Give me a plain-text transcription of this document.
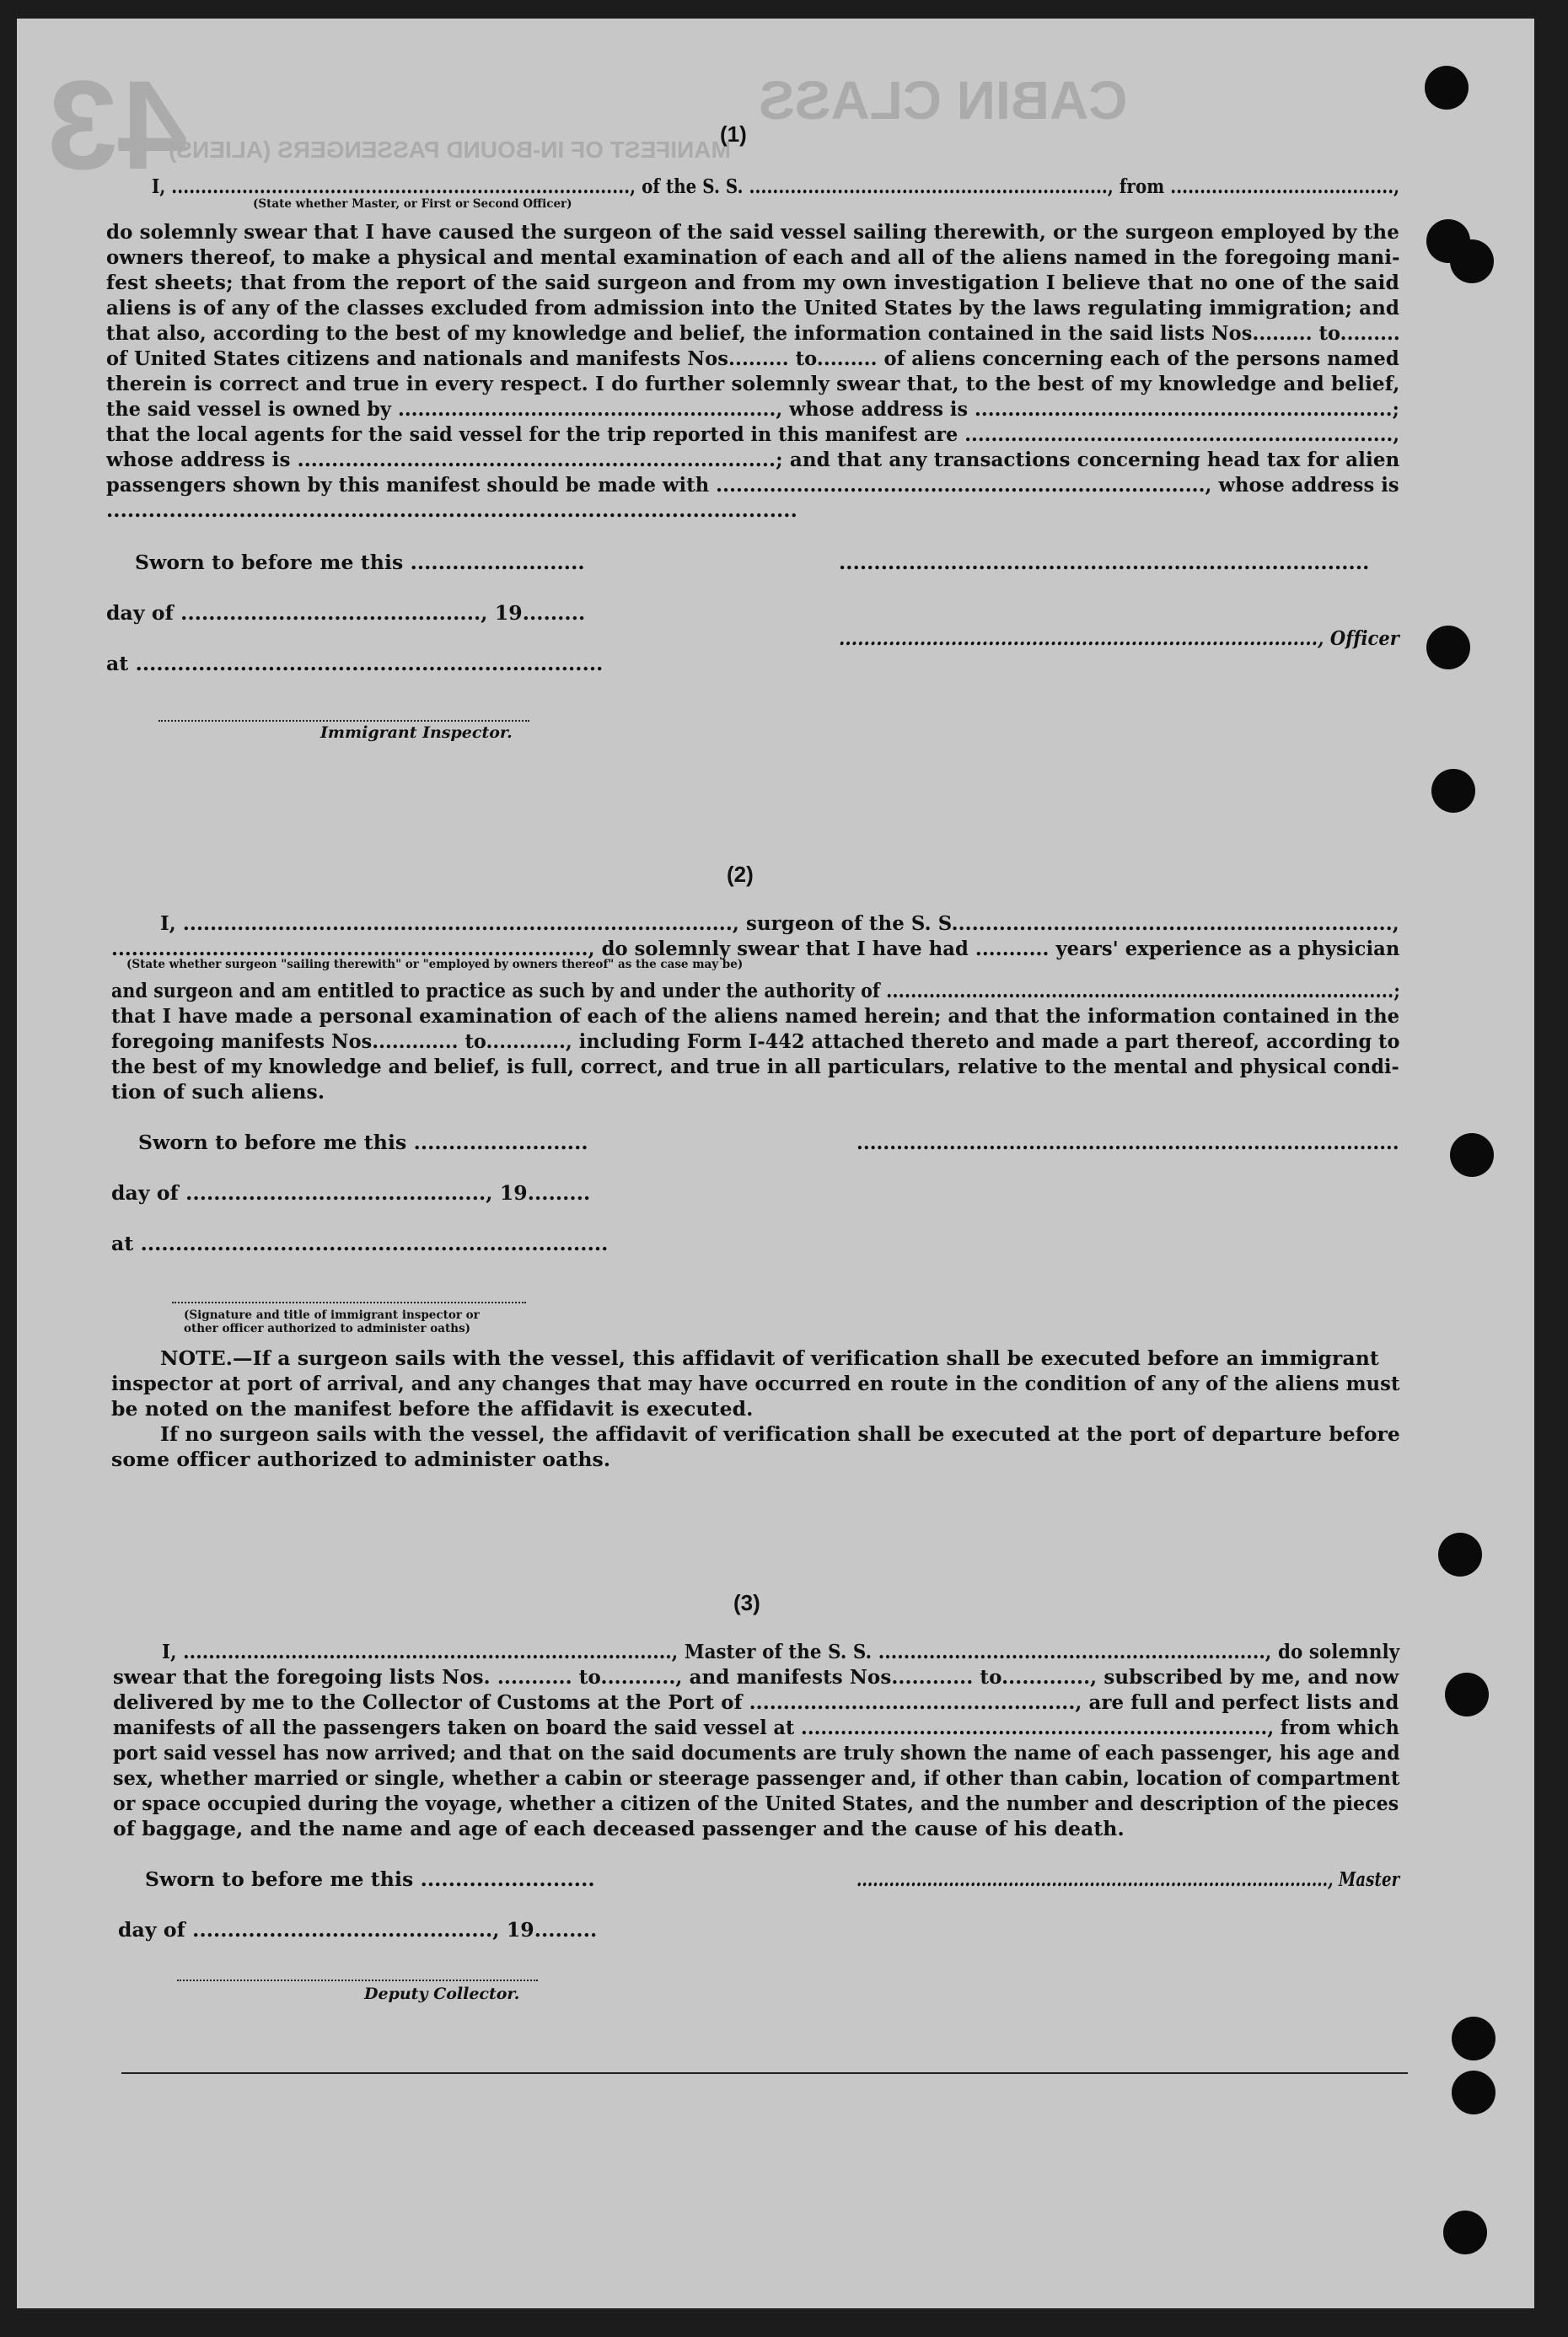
43	CABIN CLASS
MANIFEST OF IN-BOUND PASSENGERS (ALIENS)
(1)
I, .............................................................................., of the S. S. ............................................................., from ......................................,
(State whether Master, or First or Second Officer)
do solemnly swear that I have caused the surgeon of the said vessel sailing therewith, or the surgeon employed by the
owners thereof, to make a physical and mental examination of each and all of the aliens named in the foregoing mani-
fest sheets; that from the report of the said surgeon and from my own investigation I believe that no one of the said
aliens is of any of the classes excluded from admission into the United States by the laws regulating immigration; and
that also, according to the best of my knowledge and belief, the information contained in the said lists Nos......... to.........
of United States citizens and nationals and manifests Nos......... to......... of aliens concerning each of the persons named
therein is correct and true in every respect. I do further solemnly swear that, to the best of my knowledge and belief,
the said vessel is owned by ........................................................., whose address is ...............................................................;
that the local agents for the said vessel for the trip reported in this manifest are .................................................................,
whose address is ......................................................................; and that any transactions concerning head tax for alien
passengers shown by this manifest should be made with ........................................................................., whose address is
...................................................................................................
Sworn to before me this .........................	............................................................................
day of ..........................................., 19.........
............................................................................., Officer
at ...................................................................
Immigrant Inspector.
(2)
I, ................................................................................., surgeon of the S. S.................................................................,
......................................................................., do solemnly swear that I have had ........... years' experience as a physician
(State whether surgeon "sailing therewith" or "employed by owners thereof" as the case may be)
and surgeon and am entitled to practice as such by and under the authority of ...................................................................................;
that I have made a personal examination of each of the aliens named herein; and that the information contained in the
foregoing manifests Nos............. to............, including Form I-442 attached thereto and made a part thereof, according to
the best of my knowledge and belief, is full, correct, and true in all particulars, relative to the mental and physical condi-
tion of such aliens.
Sworn to before me this .........................	..................................................................................
day of ..........................................., 19.........
at ...................................................................
(Signature and title of immigrant inspector or
other officer authorized to administer oaths)
NOTE.—If a surgeon sails with the vessel, this affidavit of verification shall be executed before an immigrant
inspector at port of arrival, and any changes that may have occurred en route in the condition of any of the aliens must
be noted on the manifest before the affidavit is executed.
If no surgeon sails with the vessel, the affidavit of verification shall be executed at the port of departure before
some officer authorized to administer oaths.
(3)
I, ............................................................................., Master of the S. S. ............................................................., do solemnly
swear that the foregoing lists Nos. ........... to..........., and manifests Nos............ to............., subscribed by me, and now
delivered by me to the Collector of Customs at the Port of ................................................, are full and perfect lists and
manifests of all the passengers taken on board the said vessel at ......................................................................., from which
port said vessel has now arrived; and that on the said documents are truly shown the name of each passenger, his age and
sex, whether married or single, whether a cabin or steerage passenger and, if other than cabin, location of compartment
or space occupied during the voyage, whether a citizen of the United States, and the number and description of the pieces
of baggage, and the name and age of each deceased passenger and the cause of his death.
Sworn to before me this .........................	......................................................................................., Master
day of ..........................................., 19.........
Deputy Collector.
